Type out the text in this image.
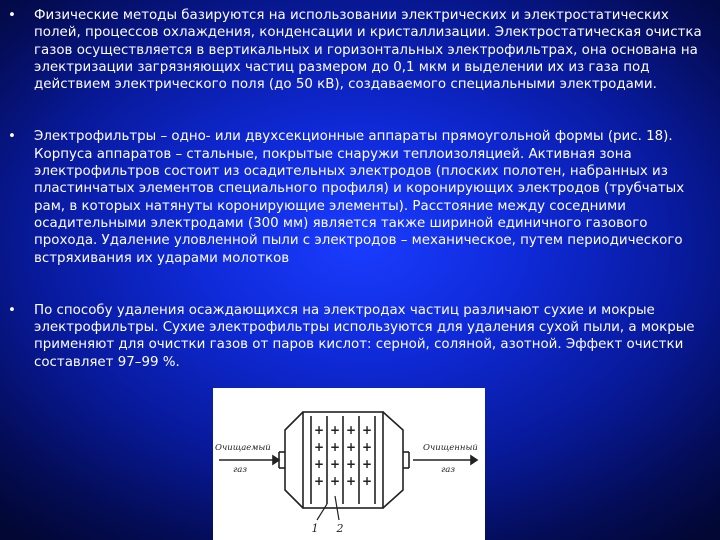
• Физические методы базируются на использовании электрических и электростатических полей, процессов охлаждения, конденсации и кристаллизации. Электростатическая очистка газов осуществляется в вертикальных и горизонтальных электрофильтрах, она основана на электризации загрязняющих частиц размером до 0,1 мкм и выделении их из газа под действием электрического поля (до 50 кВ), создаваемого специальными электродами.
• Электрофильтры – одно- или двухсекционные аппараты прямоугольной формы (рис. 18). Корпуса аппаратов – стальные, покрытые снаружи теплоизоляцией. Активная зона электрофильтров состоит из осадительных электродов (плоских полотен, набранных из пластинчатых элементов специального профиля) и коронирующих электродов (трубчатых рам, в которых натянуты коронирующие элементы). Расстояние между соседними осадительными электродами (300 мм) является также шириной единичного газового прохода. Удаление уловленной пыли с электродов – механическое, путем периодического встряхивания их ударами молотков
• По способу удаления осаждающихся на электродах частиц различают сухие и мокрые электрофильтры. Сухие электрофильтры используются для удаления сухой пыли, а мокрые применяют для очистки газов от паров кислот: серной, соляной, азотной. Эффект очистки составляет 97–99 %.
Очищаемый
газ
Очищенный
газ
+ + + +
+ + + +
+ + + +
+ + + +
1 2
